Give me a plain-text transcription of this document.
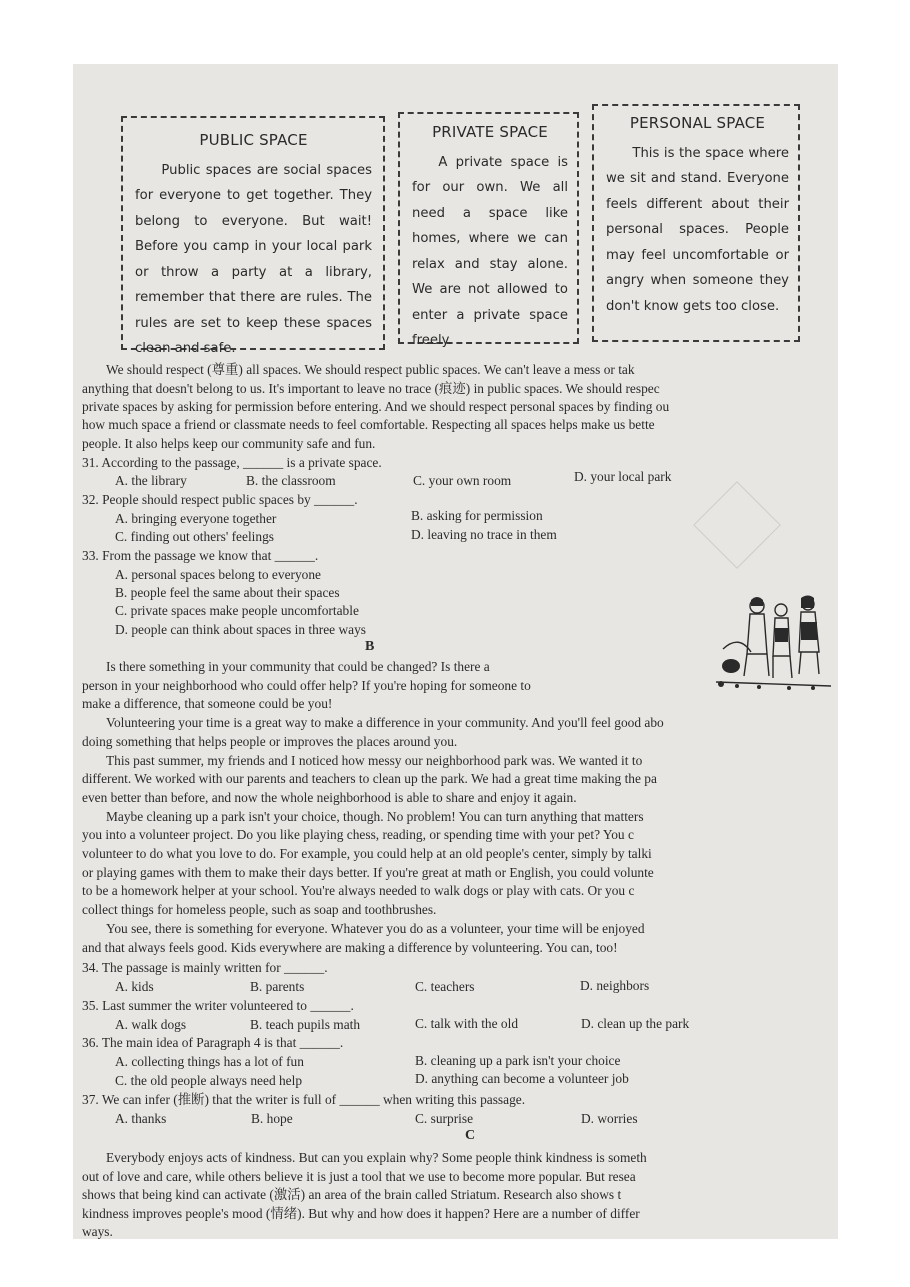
PUBLIC SPACE

Public spaces are social spaces for everyone to get together. They belong to everyone. But wait! Before you camp in your local park or throw a party at a library, remember that there are rules. The rules are set to keep these spaces clean and safe.

PRIVATE SPACE

A private space is for our own. We all need a space like homes, where we can relax and stay alone. We are not allowed to enter a private space freely.

PERSONAL SPACE

This is the space where we sit and stand. Everyone feels different about their personal spaces. People may feel uncomfortable or angry when someone they don't know gets too close.

We should respect (尊重) all spaces. We should respect public spaces. We can't leave a mess or tak
anything that doesn't belong to us. It's important to leave no trace (痕迹) in public spaces. We should respec
private spaces by asking for permission before entering. And we should respect personal spaces by finding ou
how much space a friend or classmate needs to feel comfortable. Respecting all spaces helps make us bette
people. It also helps keep our community safe and fun.
31. According to the passage, ______ is a private space.
A. the library	B. the classroom	C. your own room	D. your local park
32. People should respect public spaces by ______.
A. bringing everyone together	B. asking for permission
C. finding out others' feelings	D. leaving no trace in them
33. From the passage we know that ______.
A. personal spaces belong to everyone
B. people feel the same about their spaces
C. private spaces make people uncomfortable
D. people can think about spaces in three ways
B
Is there something in your community that could be changed? Is there a
person in your neighborhood who could offer help? If you're hoping for someone to
make a difference, that someone could be you!
Volunteering your time is a great way to make a difference in your community. And you'll feel good abo
doing something that helps people or improves the places around you.
This past summer, my friends and I noticed how messy our neighborhood park was. We wanted it to
different. We worked with our parents and teachers to clean up the park. We had a great time making the pa
even better than before, and now the whole neighborhood is able to share and enjoy it again.
Maybe cleaning up a park isn't your choice, though. No problem! You can turn anything that matters
you into a volunteer project. Do you like playing chess, reading, or spending time with your pet? You c
volunteer to do what you love to do. For example, you could help at an old people's center, simply by talki
or playing games with them to make their days better. If you're great at math or English, you could volunte
to be a homework helper at your school. You're always needed to walk dogs or play with cats. Or you c
collect things for homeless people, such as soap and toothbrushes.
You see, there is something for everyone. Whatever you do as a volunteer, your time will be enjoyed
and that always feels good. Kids everywhere are making a difference by volunteering. You can, too!
34. The passage is mainly written for ______.
A. kids	B. parents	C. teachers	D. neighbors
35. Last summer the writer volunteered to ______.
A. walk dogs	B. teach pupils math	C. talk with the old	D. clean up the park
36. The main idea of Paragraph 4 is that ______.
A. collecting things has a lot of fun	B. cleaning up a park isn't your choice
C. the old people always need help	D. anything can become a volunteer job
37. We can infer (推断) that the writer is full of ______ when writing this passage.
A. thanks	B. hope	C. surprise	D. worries
C
Everybody enjoys acts of kindness. But can you explain why? Some people think kindness is someth
out of love and care, while others believe it is just a tool that we use to become more popular. But resea
shows that being kind can activate (激活) an area of the brain called Striatum. Research also shows t
kindness improves people's mood (情绪). But why and how does it happen? Here are a number of differ
ways.
